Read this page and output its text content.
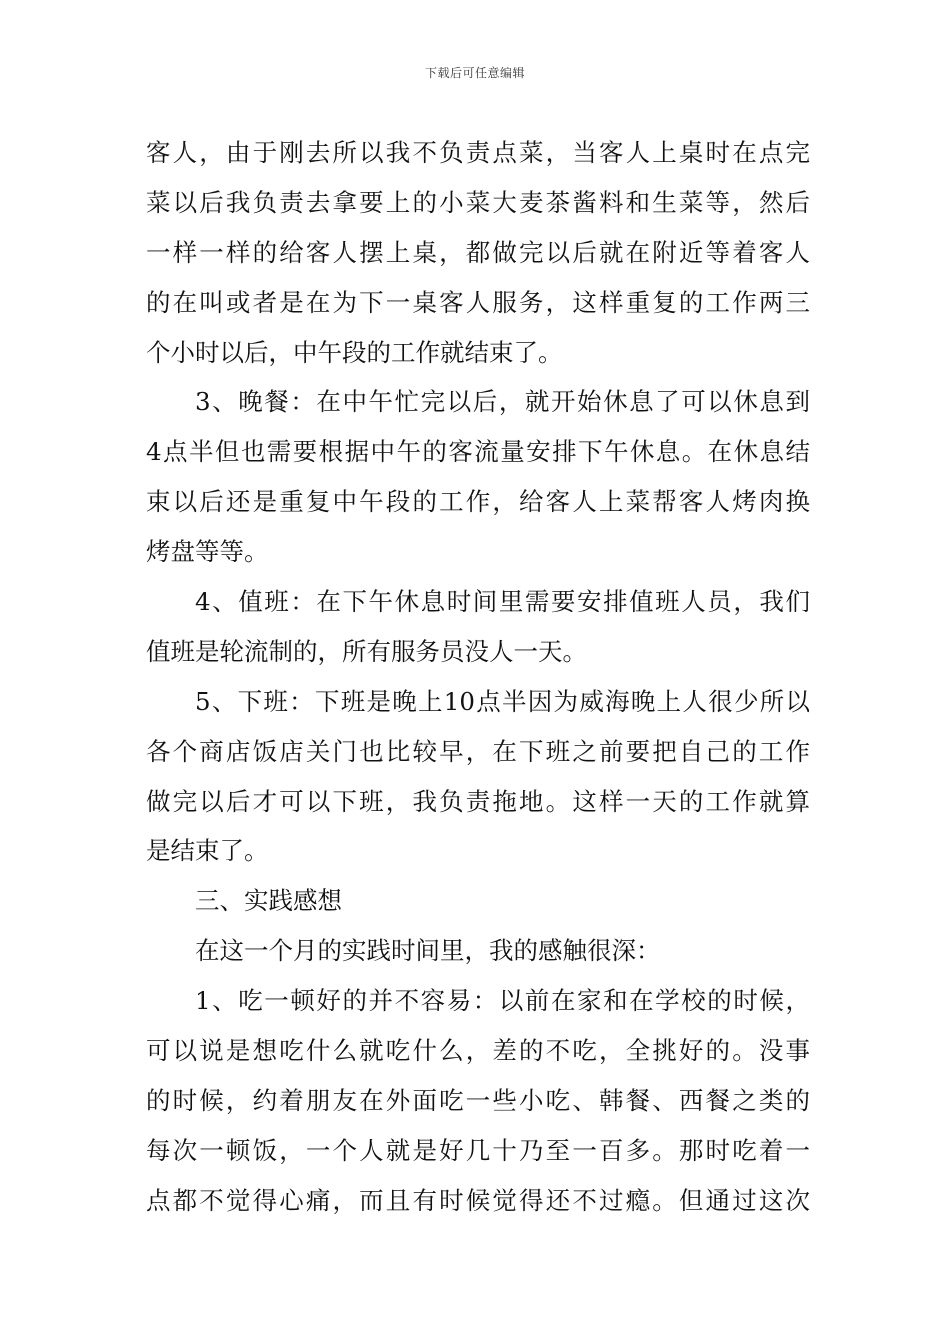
下载后可任意编辑
客人，由于刚去所以我不负责点菜，当客人上桌时在点完
菜以后我负责去拿要上的小菜大麦茶酱料和生菜等，然后
一样一样的给客人摆上桌，都做完以后就在附近等着客人
的在叫或者是在为下一桌客人服务，这样重复的工作两三
个小时以后，中午段的工作就结束了。
3、晚餐：在中午忙完以后，就开始休息了可以休息到
4点半但也需要根据中午的客流量安排下午休息。在休息结
束以后还是重复中午段的工作，给客人上菜帮客人烤肉换
烤盘等等。
4、值班：在下午休息时间里需要安排值班人员，我们
值班是轮流制的，所有服务员没人一天。
5、下班：下班是晚上10点半因为威海晚上人很少所以
各个商店饭店关门也比较早，在下班之前要把自己的工作
做完以后才可以下班，我负责拖地。这样一天的工作就算
是结束了。
三、实践感想
在这一个月的实践时间里，我的感触很深：
1、吃一顿好的并不容易：以前在家和在学校的时候，
可以说是想吃什么就吃什么，差的不吃，全挑好的。没事
的时候，约着朋友在外面吃一些小吃、韩餐、西餐之类的
每次一顿饭，一个人就是好几十乃至一百多。那时吃着一
点都不觉得心痛，而且有时候觉得还不过瘾。但通过这次
